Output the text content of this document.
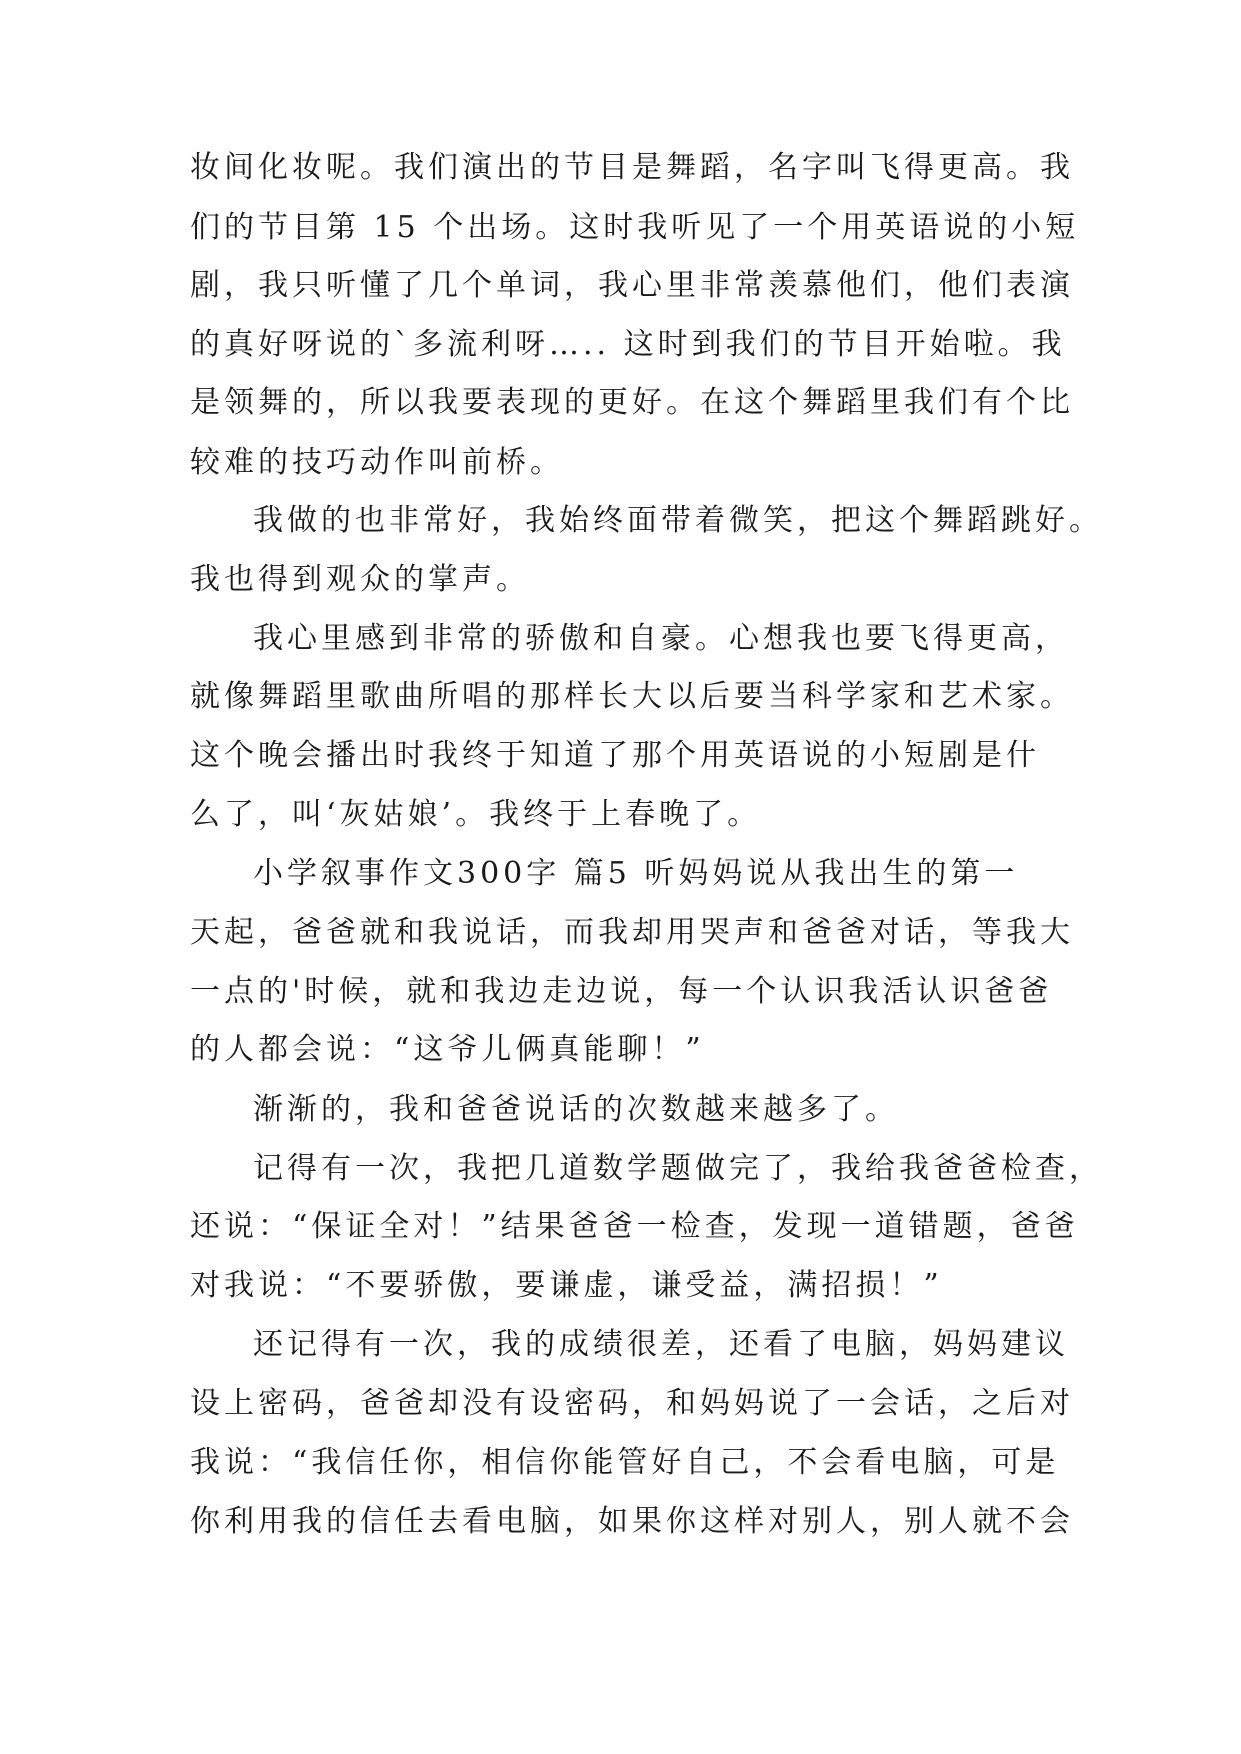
妆间化妆呢。我们演出的节目是舞蹈，名字叫飞得更高。我
们的节目第 15 个出场。这时我听见了一个用英语说的小短
剧，我只听懂了几个单词，我心里非常羡慕他们，他们表演
的真好呀说的`多流利呀….. 这时到我们的节目开始啦。我
是领舞的，所以我要表现的更好。在这个舞蹈里我们有个比
较难的技巧动作叫前桥。
我做的也非常好，我始终面带着微笑，把这个舞蹈跳好。
我也得到观众的掌声。
我心里感到非常的骄傲和自豪。心想我也要飞得更高，
就像舞蹈里歌曲所唱的那样长大以后要当科学家和艺术家。
这个晚会播出时我终于知道了那个用英语说的小短剧是什
么了，叫‘灰姑娘’。我终于上春晚了。
小学叙事作文300字 篇5 听妈妈说从我出生的第一
天起，爸爸就和我说话，而我却用哭声和爸爸对话，等我大
一点的'时候，就和我边走边说，每一个认识我活认识爸爸
的人都会说：“这爷儿俩真能聊！”
渐渐的，我和爸爸说话的次数越来越多了。
记得有一次，我把几道数学题做完了，我给我爸爸检查，
还说：“保证全对！”结果爸爸一检查，发现一道错题，爸爸
对我说：“不要骄傲，要谦虚，谦受益，满招损！”
还记得有一次，我的成绩很差，还看了电脑，妈妈建议
设上密码，爸爸却没有设密码，和妈妈说了一会话，之后对
我说：“我信任你，相信你能管好自己，不会看电脑，可是
你利用我的信任去看电脑，如果你这样对别人，别人就不会
